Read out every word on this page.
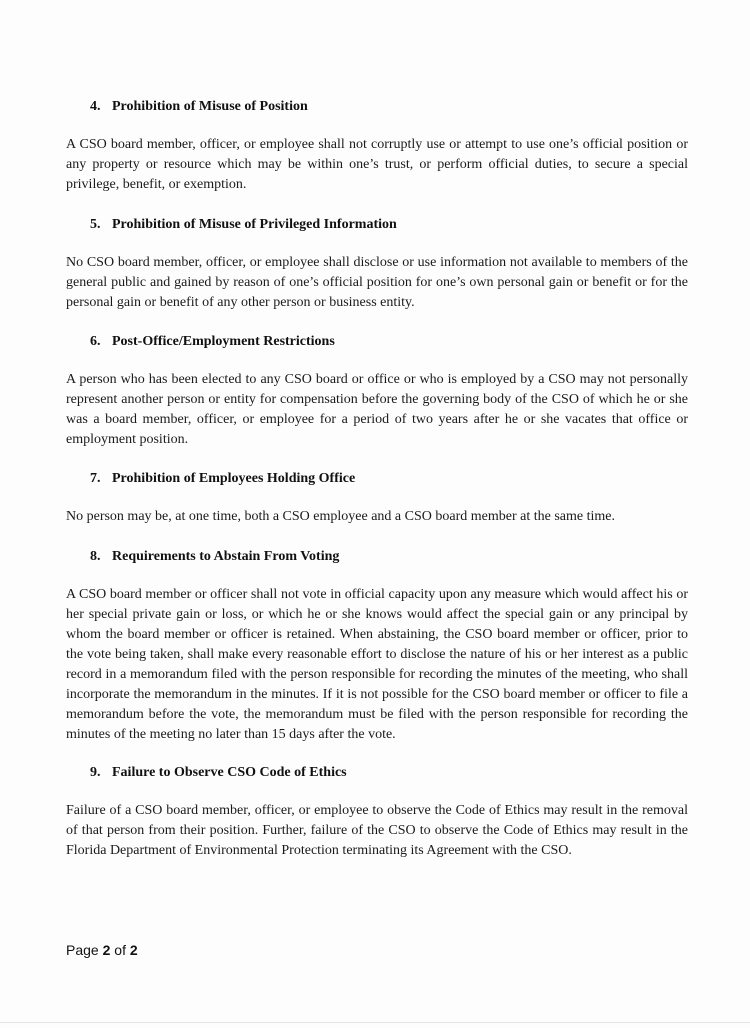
4. Prohibition of Misuse of Position

A CSO board member, officer, or employee shall not corruptly use or attempt to use one’s official position or any property or resource which may be within one’s trust, or perform official duties, to secure a special privilege, benefit, or exemption.

5. Prohibition of Misuse of Privileged Information

No CSO board member, officer, or employee shall disclose or use information not available to members of the general public and gained by reason of one’s official position for one’s own personal gain or benefit or for the personal gain or benefit of any other person or business entity.

6. Post-Office/Employment Restrictions

A person who has been elected to any CSO board or office or who is employed by a CSO may not personally represent another person or entity for compensation before the governing body of the CSO of which he or she was a board member, officer, or employee for a period of two years after he or she vacates that office or employment position.

7. Prohibition of Employees Holding Office

No person may be, at one time, both a CSO employee and a CSO board member at the same time.

8. Requirements to Abstain From Voting

A CSO board member or officer shall not vote in official capacity upon any measure which would affect his or her special private gain or loss, or which he or she knows would affect the special gain or any principal by whom the board member or officer is retained. When abstaining, the CSO board member or officer, prior to the vote being taken, shall make every reasonable effort to disclose the nature of his or her interest as a public record in a memorandum filed with the person responsible for recording the minutes of the meeting, who shall incorporate the memorandum in the minutes. If it is not possible for the CSO board member or officer to file a memorandum before the vote, the memorandum must be filed with the person responsible for recording the minutes of the meeting no later than 15 days after the vote.

9. Failure to Observe CSO Code of Ethics

Failure of a CSO board member, officer, or employee to observe the Code of Ethics may result in the removal of that person from their position. Further, failure of the CSO to observe the Code of Ethics may result in the Florida Department of Environmental Protection terminating its Agreement with the CSO.

Page 2 of 2
